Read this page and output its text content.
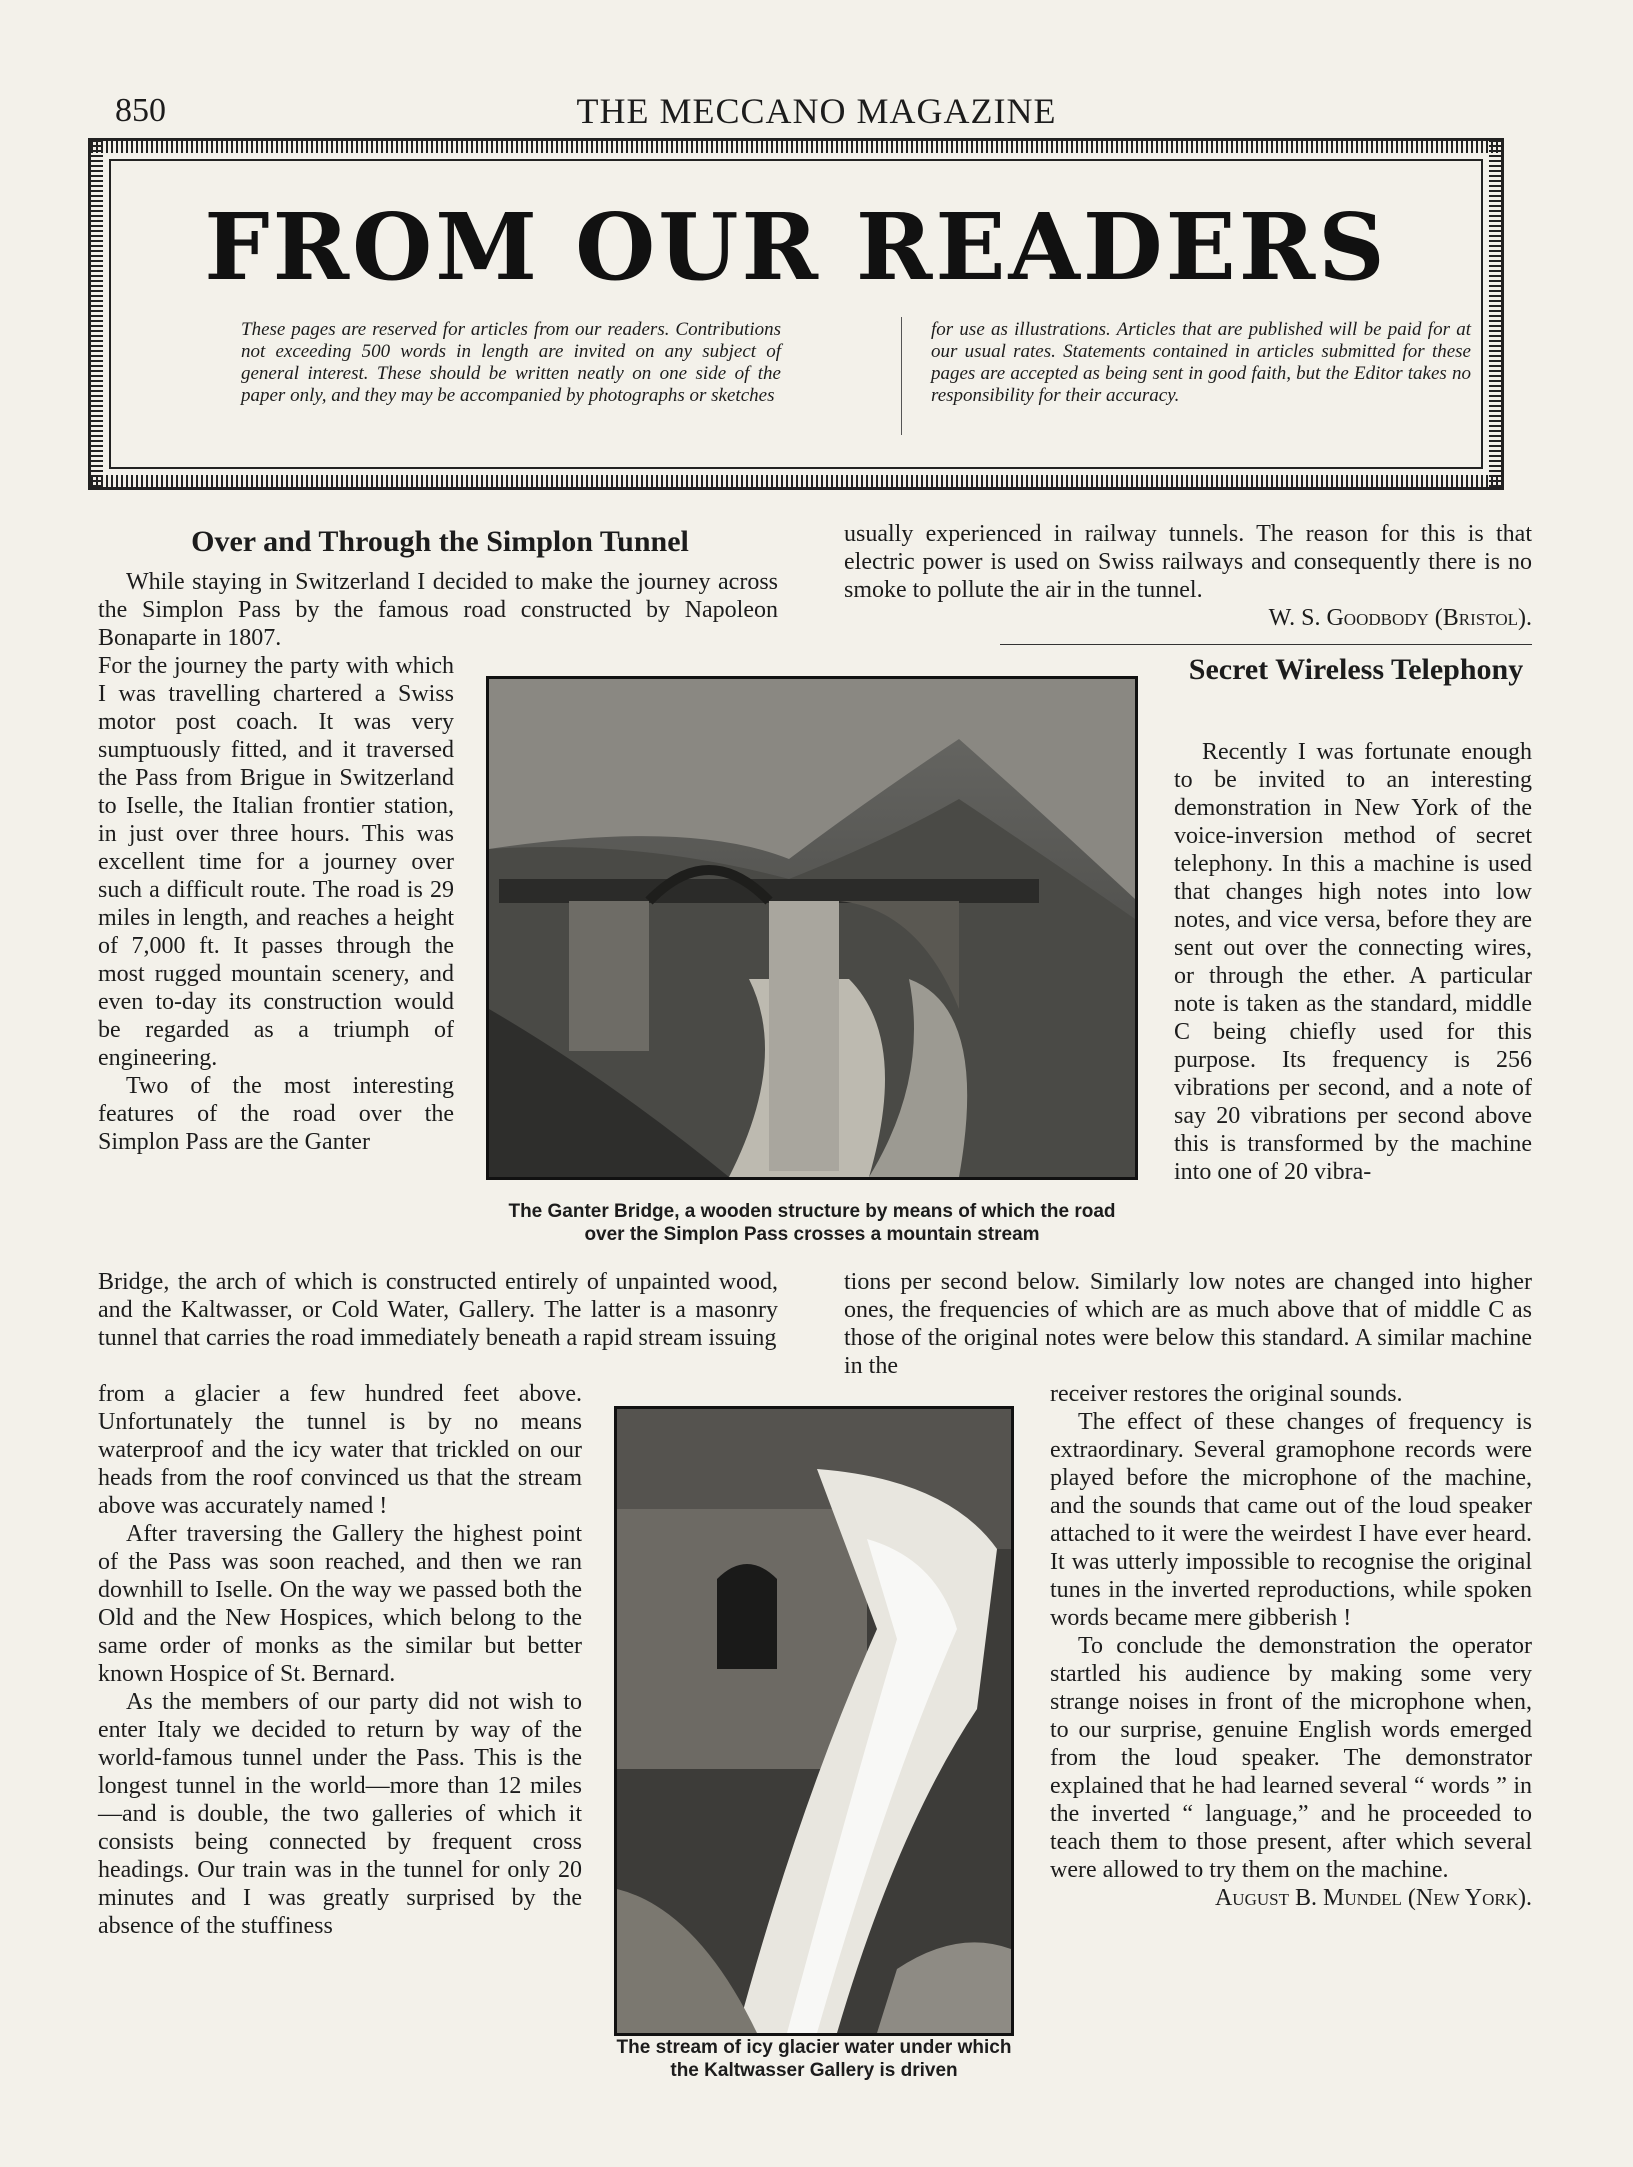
850	THE MECCANO MAGAZINE
FROM OUR READERS
These pages are reserved for articles from our readers. Contributions not exceeding 500 words in length are invited on any subject of general interest. These should be written neatly on one side of the paper only, and they may be accompanied by photographs or sketches
for use as illustrations. Articles that are published will be paid for at our usual rates. Statements contained in articles submitted for these pages are accepted as being sent in good faith, but the Editor takes no responsibility for their accuracy.
Over and Through the Simplon Tunnel

While staying in Switzerland I decided to make the journey across the Simplon Pass by the famous road constructed by Napoleon Bonaparte in 1807.

For the journey the party with which I was travelling chartered a Swiss motor post coach. It was very sumptuously fitted, and it traversed the Pass from Brigue in Switzerland to Iselle, the Italian frontier station, in just over three hours. This was excellent time for a journey over such a difficult route. The road is 29 miles in length, and reaches a height of 7,000 ft. It passes through the most rugged mountain scenery, and even to-day its construction would be regarded as a triumph of engineering.

Two of the most interesting features of the road over the Simplon Pass are the Ganter

The Ganter Bridge, a wooden structure by means of which the road over the Simplon Pass crosses a mountain stream

Bridge, the arch of which is constructed entirely of unpainted wood, and the Kaltwasser, or Cold Water, Gallery. The latter is a masonry tunnel that carries the road immediately beneath a rapid stream issuing

from a glacier a few hundred feet above. Unfortunately the tunnel is by no means waterproof and the icy water that trickled on our heads from the roof convinced us that the stream above was accurately named !

After traversing the Gallery the highest point of the Pass was soon reached, and then we ran downhill to Iselle. On the way we passed both the Old and the New Hospices, which belong to the same order of monks as the similar but better known Hospice of St. Bernard.

As the members of our party did not wish to enter Italy we decided to return by way of the world-famous tunnel under the Pass. This is the longest tunnel in the world—more than 12 miles—and is double, the two galleries of which it consists being connected by frequent cross headings. Our train was in the tunnel for only 20 minutes and I was greatly surprised by the absence of the stuffiness

usually experienced in railway tunnels. The reason for this is that electric power is used on Swiss railways and consequently there is no smoke to pollute the air in the tunnel.

W. S. Goodbody (Bristol).

Secret Wireless Telephony

Recently I was fortunate enough to be invited to an interesting demonstration in New York of the voice-inversion method of secret telephony. In this a machine is used that changes high notes into low notes, and vice versa, before they are sent out over the connecting wires, or through the ether. A particular note is taken as the standard, middle C being chiefly used for this purpose. Its frequency is 256 vibrations per second, and a note of say 20 vibrations per second above this is transformed by the machine into one of 20 vibra-

tions per second below. Similarly low notes are changed into higher ones, the frequencies of which are as much above that of middle C as those of the original notes were below this standard. A similar machine in the

The stream of icy glacier water under which the Kaltwasser Gallery is driven

receiver restores the original sounds.

The effect of these changes of frequency is extraordinary. Several gramophone records were played before the microphone of the machine, and the sounds that came out of the loud speaker attached to it were the weirdest I have ever heard. It was utterly impossible to recognise the original tunes in the inverted reproductions, while spoken words became mere gibberish !

To conclude the demonstration the operator startled his audience by making some very strange noises in front of the microphone when, to our surprise, genuine English words emerged from the loud speaker. The demonstrator explained that he had learned several “ words ” in the inverted “ language,” and he proceeded to teach them to those present, after which several were allowed to try them on the machine.

August B. Mundel (New York).
